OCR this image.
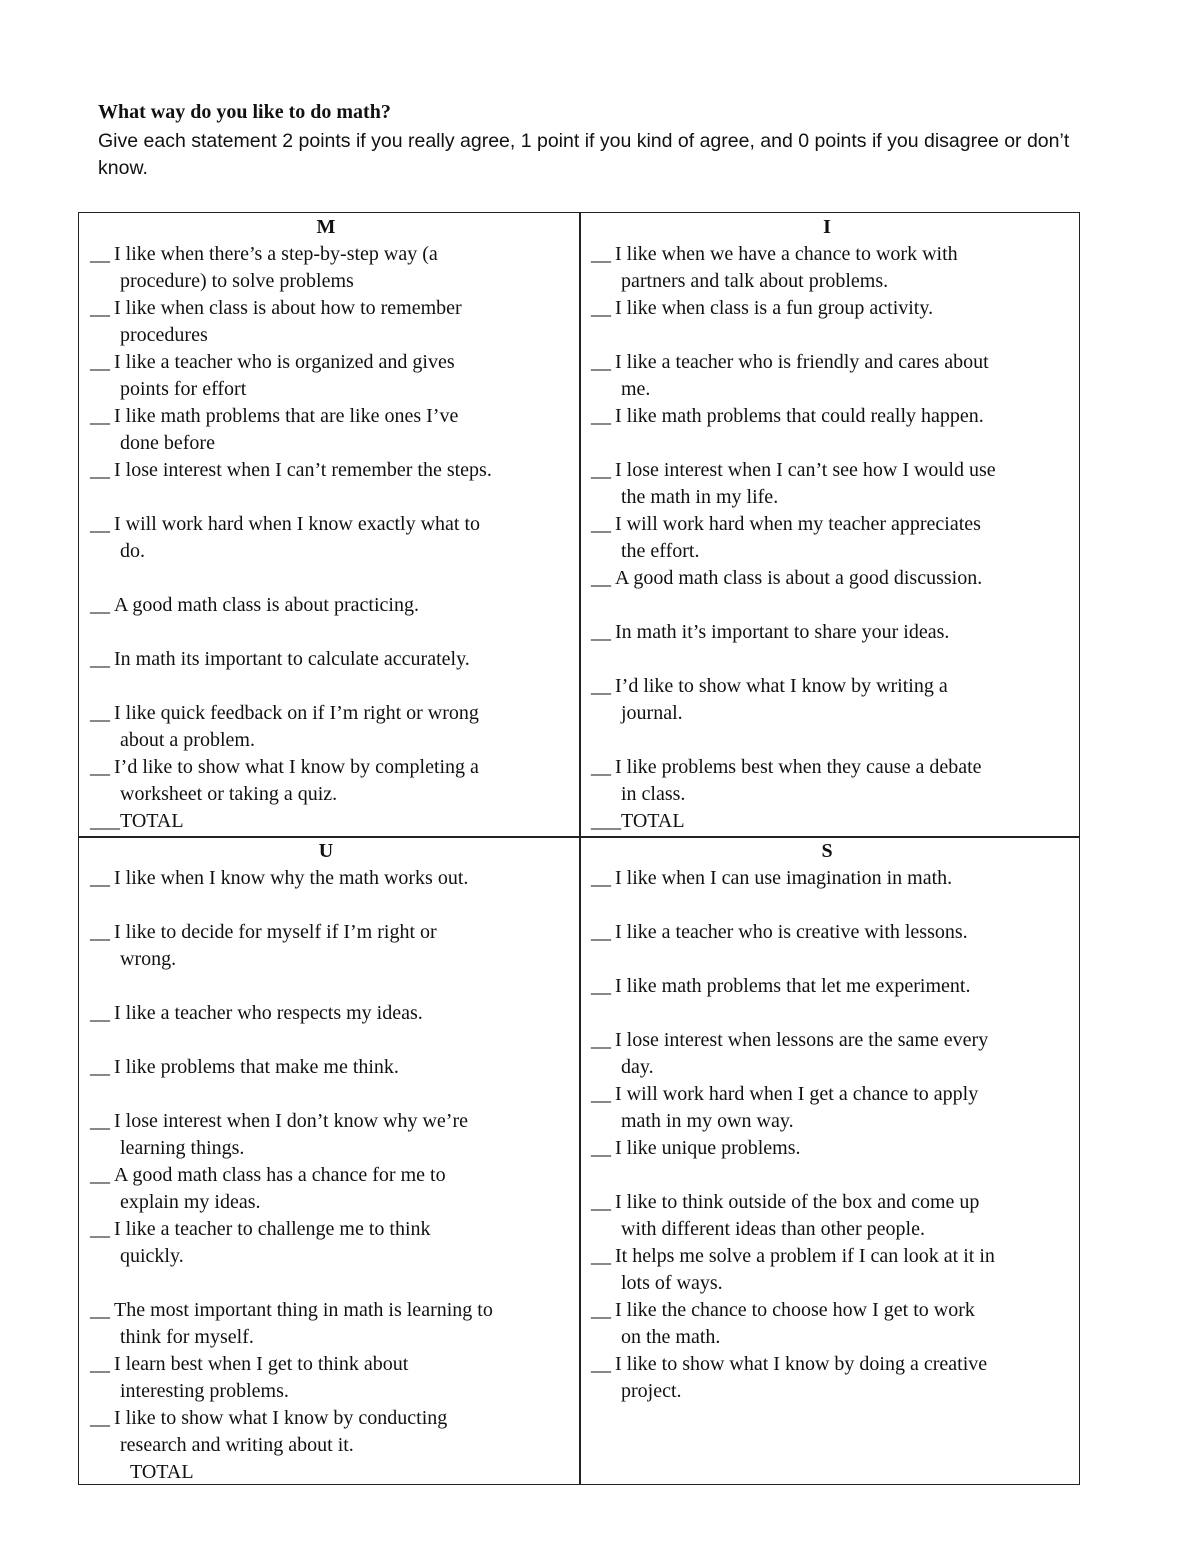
What way do you like to do math?
Give each statement 2 points if you really agree, 1 point if you kind of agree, and 0 points if you disagree or don’t know.
M
__ I like when there’s a step-by-step way (a
procedure) to solve problems
__ I like when class is about how to remember
procedures
__ I like a teacher who is organized and gives
points for effort
__ I like math problems that are like ones I’ve
done before
__ I lose interest when I can’t remember the steps.
__ I will work hard when I know exactly what to
do.
__ A good math class is about practicing.
__ In math its important to calculate accurately.
__ I like quick feedback on if I’m right or wrong
about a problem.
__ I’d like to show what I know by completing a
worksheet or taking a quiz.
___TOTAL
I
__ I like when we have a chance to work with
partners and talk about problems.
__ I like when class is a fun group activity.
__ I like a teacher who is friendly and cares about
me.
__ I like math problems that could really happen.
__ I lose interest when I can’t see how I would use
the math in my life.
__ I will work hard when my teacher appreciates
the effort.
__ A good math class is about a good discussion.
__ In math it’s important to share your ideas.
__ I’d like to show what I know by writing a
journal.
__ I like problems best when they cause a debate
in class.
___TOTAL
U
__ I like when I know why the math works out.
__ I like to decide for myself if I’m right or
wrong.
__ I like a teacher who respects my ideas.
__ I like problems that make me think.
__ I lose interest when I don’t know why we’re
learning things.
__ A good math class has a chance for me to
explain my ideas.
__ I like a teacher to challenge me to think
quickly.
__ The most important thing in math is learning to
think for myself.
__ I learn best when I get to think about
interesting problems.
__ I like to show what I know by conducting
research and writing about it.
TOTAL
S
__ I like when I can use imagination in math.
__ I like a teacher who is creative with lessons.
__ I like math problems that let me experiment.
__ I lose interest when lessons are the same every
day.
__ I will work hard when I get a chance to apply
math in my own way.
__ I like unique problems.
__ I like to think outside of the box and come up
with different ideas than other people.
__ It helps me solve a problem if I can look at it in
lots of ways.
__ I like the chance to choose how I get to work
on the math.
__ I like to show what I know by doing a creative
project.
